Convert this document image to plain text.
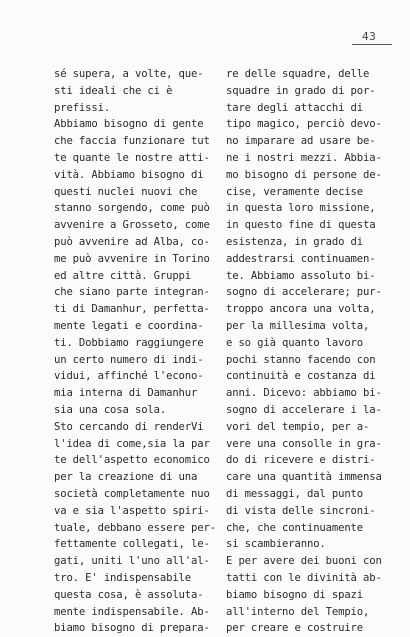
43
sé supera, a volte, que-
sti ideali che ci è
prefissi.
Abbiamo bisogno di gente
che faccia funzionare tut
te quante le nostre atti-
vità. Abbiamo bisogno di
questi nuclei nuovi che
stanno sorgendo, come può
avvenire a Grosseto, come
può avvenire ad Alba, co-
me può avvenire in Torino
ed altre città. Gruppi
che siano parte integran-
ti di Damanhur, perfetta-
mente legati e coordina-
ti. Dobbiamo raggiungere
un certo numero di indi-
vidui, affinché l'econo-
mia interna di Damanhur
sia una cosa sola.
Sto cercando di renderVi
l'idea di come,sia la par
te dell'aspetto economico
per la creazione di una
società completamente nuo
va e sia l'aspetto spiri-
tuale, debbano essere per-
fettamente collegati, le-
gati, uniti l'uno all'al-
tro. E' indispensabile
questa cosa, è assoluta-
mente indispensabile. Ab-
biamo bisogno di prepara-
re delle squadre, delle
squadre in grado di por-
tare degli attacchi di
tipo magico, perciò devo-
no imparare ad usare be-
ne i nostri mezzi. Abbia-
mo bisogno di persone de-
cise, veramente decise
in questa loro missione,
in questo fine di questa
esistenza, in grado di
addestrarsi continuamen-
te. Abbiamo assoluto bi-
sogno di accelerare; pur-
troppo ancora una volta,
per la millesima volta,
e so già quanto lavoro
pochi stanno facendo con
continuità e costanza di
anni. Dicevo: abbiamo bi-
sogno di accelerare i la-
vori del tempio, per a-
vere una consolle in gra-
do di ricevere e distri-
care una quantità immensa
di messaggi, dal punto
di vista delle sincroni-
che, che continuamente
si scambieranno.
E per avere dei buoni con
tatti con le divinità ab-
biamo bisogno di spazi
all'interno del Tempio,
per creare e costruire
